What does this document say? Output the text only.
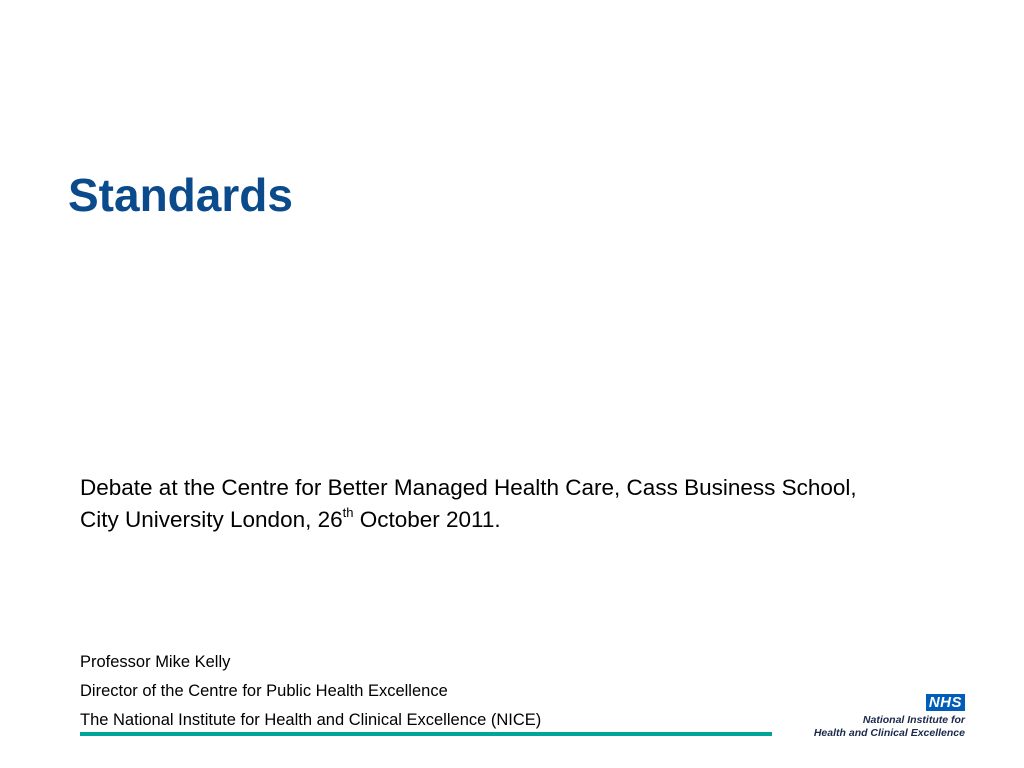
Standards

Debate at the Centre for Better Managed Health Care, Cass Business School,
City University London, 26th October 2011.

Professor Mike Kelly
Director of the Centre for Public Health Excellence
The National Institute for Health and Clinical Excellence (NICE)
NHS
National Institute for
Health and Clinical Excellence
